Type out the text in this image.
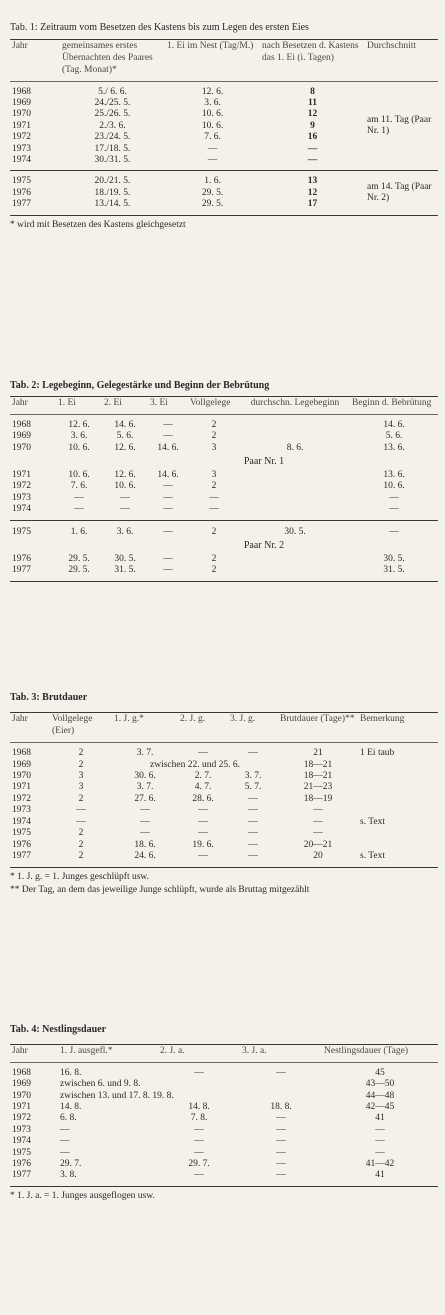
Tab. 1: Zeitraum vom Besetzen des Kastens bis zum Legen des ersten Eies
Jahr	gemeinsames erstes Übernachten des Paares (Tag. Monat)*	1. Ei im Nest (Tag/M.)	nach Besetzen d. Kastens das 1. Ei (i. Tagen)	Durchschnitt
1968	5./ 6. 6.	12. 6.	8	am 11. Tag (Paar Nr. 1)
1969	24./25. 5.	3. 6.	11	
1970	25./26. 5.	10. 6.	12	
1971	2./3. 6.	10. 6.	9	
1972	23./24. 5.	7. 6.	16	
1973	17./18. 5.	—	—	
1974	30./31. 5.	—	—	
1975	20./21. 5.	1. 6.	13	am 14. Tag (Paar Nr. 2)
1976	18./19. 5.	29. 5.	12	
1977	13./14. 5.	29. 5.	17	
* wird mit Besetzen des Kastens gleichgesetzt
Tab. 2: Legebeginn, Gelegestärke und Beginn der Bebrütung
Jahr	1. Ei	2. Ei	3. Ei	Vollgelege	durchschn. Legebeginn	Beginn d. Bebrütung
1968	12. 6.	14. 6.	—	2		14. 6.
1969	3. 6.	5. 6.	—	2		5. 6.
1970	10. 6.	12. 6.	14. 6.	3	8. 6.	13. 6.
Paar Nr. 1
1971	10. 6.	12. 6.	14. 6.	3		13. 6.
1972	7. 6.	10. 6.	—	2		10. 6.
1973	—	—	—	—		—
1974	—	—	—	—		—
1975	1. 6.	3. 6.	—	2	30. 5.	—
Paar Nr. 2
1976	29. 5.	30. 5.	—	2		30. 5.
1977	29. 5.	31. 5.	—	2		31. 5.
Tab. 3: Brutdauer
Jahr	Vollgelege (Eier)	1. J. g.*	2. J. g.	3. J. g.	Brutdauer (Tage)**	Bemerkung
1968	2	3. 7.	—	—	21	1 Ei taub
1969	2	zwischen 22. und 25. 6.			18—21	
1970	3	30. 6.	2. 7.	3. 7.	18—21	
1971	3	3. 7.	4. 7.	5. 7.	21—23	
1972	2	27. 6.	28. 6.	—	18—19	
1973	—	—	—	—	—	
1974	—	—	—	—	—	s. Text
1975	2	—	—	—	—	
1976	2	18. 6.	19. 6.	—	20—21	
1977	2	24. 6.	—	—	20	s. Text
* 1. J. g. = 1. Junges geschlüpft usw.
** Der Tag, an dem das jeweilige Junge schlüpft, wurde als Bruttag mitgezählt
Tab. 4: Nestlingsdauer
Jahr	1. J. ausgefl.*	2. J. a.	3. J. a.	Nestlingsdauer (Tage)
1968	16. 8.	—	—	45
1969	zwischen 6. und 9. 8.			43—50
1970	zwischen 13. und 17. 8. 19. 8.			44—48
1971	14. 8.	14. 8.	18. 8.	42—45
1972	6. 8.	7. 8.	—	41
1973	—	—	—	—
1974	—	—	—	—
1975	—	—	—	—
1976	29. 7.	29. 7.	—	41—42
1977	3. 8.	—	—	41
* 1. J. a. = 1. Junges ausgeflogen usw.
